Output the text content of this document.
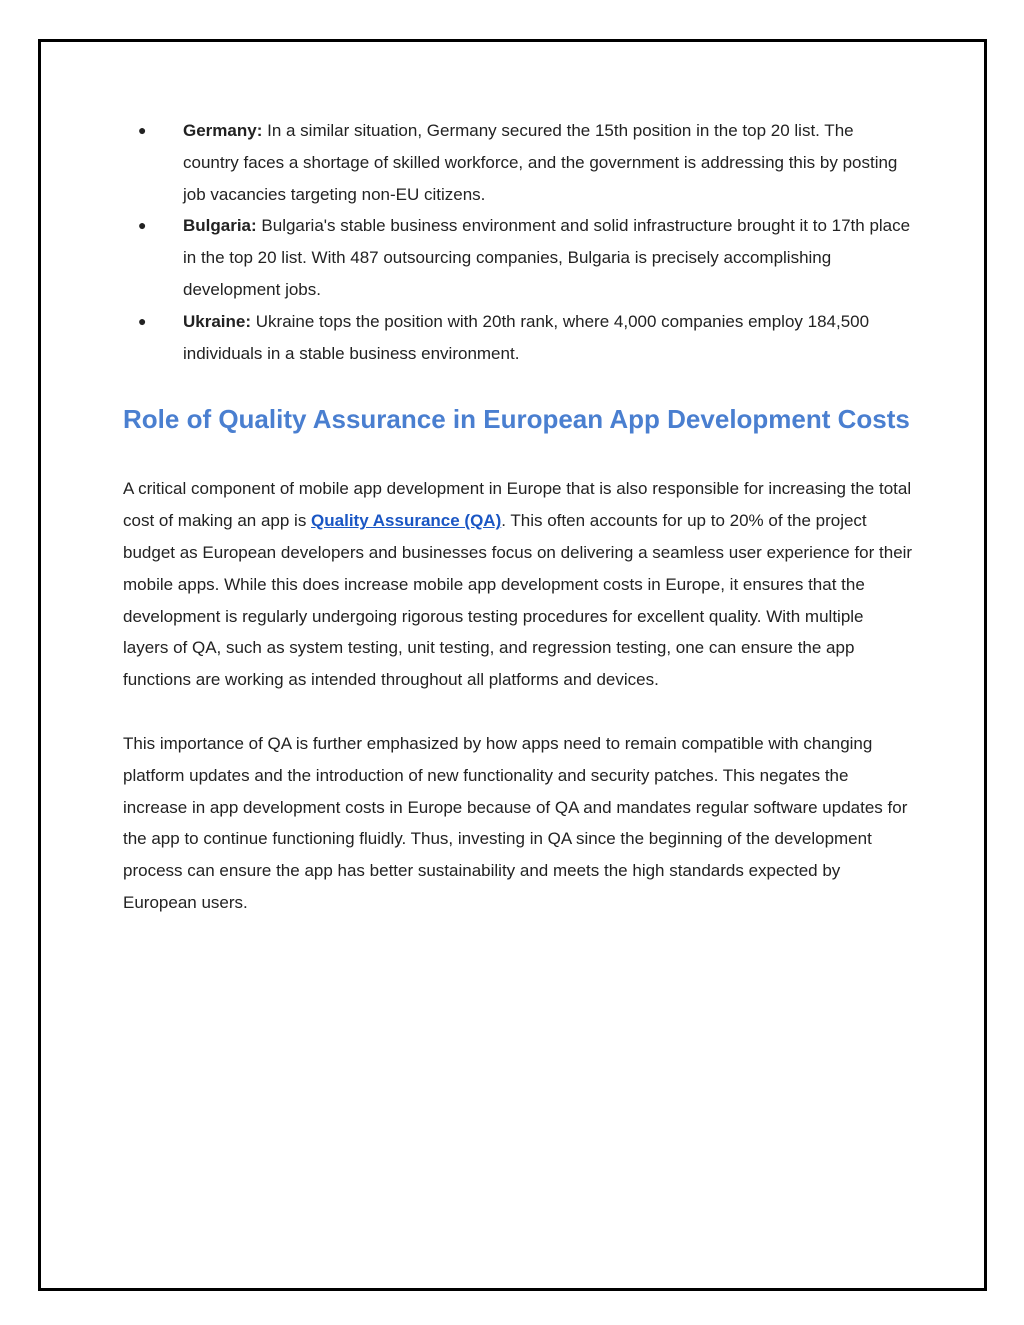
● Germany: In a similar situation, Germany secured the 15th position in the top 20 list. The country faces a shortage of skilled workforce, and the government is addressing this by posting job vacancies targeting non-EU citizens.
● Bulgaria: Bulgaria's stable business environment and solid infrastructure brought it to 17th place in the top 20 list. With 487 outsourcing companies, Bulgaria is precisely accomplishing development jobs.
● Ukraine: Ukraine tops the position with 20th rank, where 4,000 companies employ 184,500 individuals in a stable business environment.
Role of Quality Assurance in European App Development Costs

A critical component of mobile app development in Europe that is also responsible for increasing the total cost of making an app is Quality Assurance (QA). This often accounts for up to 20% of the project budget as European developers and businesses focus on delivering a seamless user experience for their mobile apps. While this does increase mobile app development costs in Europe, it ensures that the development is regularly undergoing rigorous testing procedures for excellent quality. With multiple layers of QA, such as system testing, unit testing, and regression testing, one can ensure the app functions are working as intended throughout all platforms and devices.

This importance of QA is further emphasized by how apps need to remain compatible with changing platform updates and the introduction of new functionality and security patches. This negates the increase in app development costs in Europe because of QA and mandates regular software updates for the app to continue functioning fluidly. Thus, investing in QA since the beginning of the development process can ensure the app has better sustainability and meets the high standards expected by European users.
